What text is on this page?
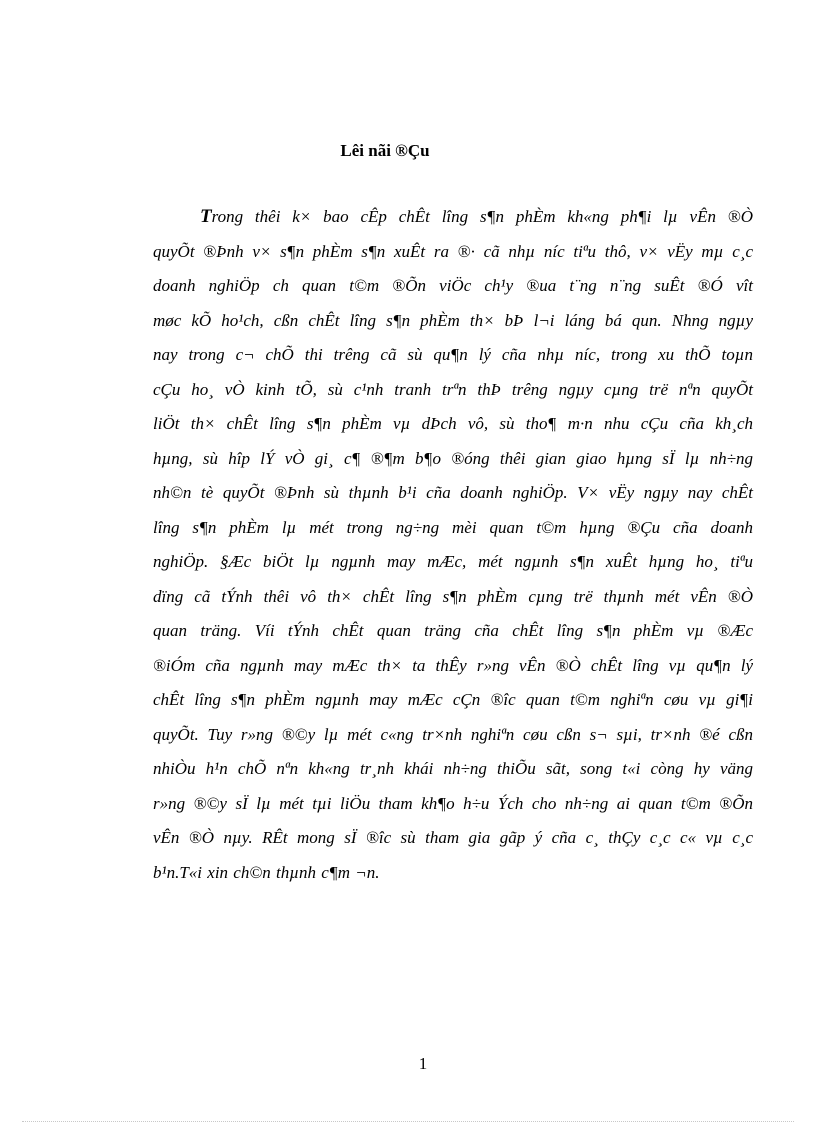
Lêi nãi ®Çu
Trong thêi k× bao cÊp chÊt lîng s¶n phÈm kh«ng ph¶i lµ vÊn ®Ò
quyÕt ®Þnh v× s¶n phÈm s¶n xuÊt ra ®· cã nhµ níc tiªu thô, v× vËy mµ c¸c
doanh nghiÖp ch quan t©m ®Õn viÖc ch¹y ®ua t¨ng n¨ng suÊt ®Ó vît
møc kÕ ho¹ch, cßn chÊt lîng s¶n phÈm th× bÞ l¬i láng bá qun. Nhng ngµy
nay trong c¬ chÕ thi trêng cã sù qu¶n lý cña nhµ níc, trong xu thÕ toµn
cÇu ho¸ vÒ kinh tÕ, sù c¹nh tranh trªn thÞ trêng ngµy cµng trë nªn quyÕt
liÖt th× chÊt lîng s¶n phÈm vµ dÞch vô, sù tho¶ m·n nhu cÇu cña kh¸ch
hµng, sù hîp lÝ vÒ gi¸ c¶ ®¶m b¶o ®óng thêi gian giao hµng sÏ lµ nh÷ng
nh©n tè quyÕt ®Þnh sù thµnh b¹i cña doanh nghiÖp. V× vËy ngµy nay chÊt
lîng s¶n phÈm lµ mét trong ng÷ng mèi quan t©m hµng ®Çu cña doanh
nghiÖp. §Æc biÖt lµ ngµnh may mÆc, mét ngµnh s¶n xuÊt hµng ho¸ tiªu
dïng cã tÝnh thêi vô th× chÊt lîng s¶n phÈm cµng trë thµnh mét vÊn ®Ò
quan träng. Víi tÝnh chÊt quan träng cña chÊt lîng s¶n phÈm vµ ®Æc
®iÓm cña ngµnh may mÆc th× ta thÊy r»ng vÊn ®Ò chÊt lîng vµ qu¶n lý
chÊt lîng s¶n phÈm ngµnh may mÆc cÇn ®îc quan t©m nghiªn cøu vµ gi¶i
quyÕt. Tuy r»ng ®©y lµ mét c«ng tr×nh nghiªn cøu cßn s¬ sµi, tr×nh ®é cßn
nhiÒu h¹n chÕ nªn kh«ng tr¸nh khái nh÷ng thiÕu sãt, song t«i còng hy väng
r»ng ®©y sÏ lµ mét tµi liÖu tham kh¶o h÷u Ých cho nh÷ng ai quan t©m ®Õn
vÊn ®Ò nµy. RÊt mong sÏ ®îc sù tham gia gãp ý cña c¸ thÇy c¸c c« vµ c¸c
b¹n.T«i xin ch©n thµnh c¶m ¬n.
1
